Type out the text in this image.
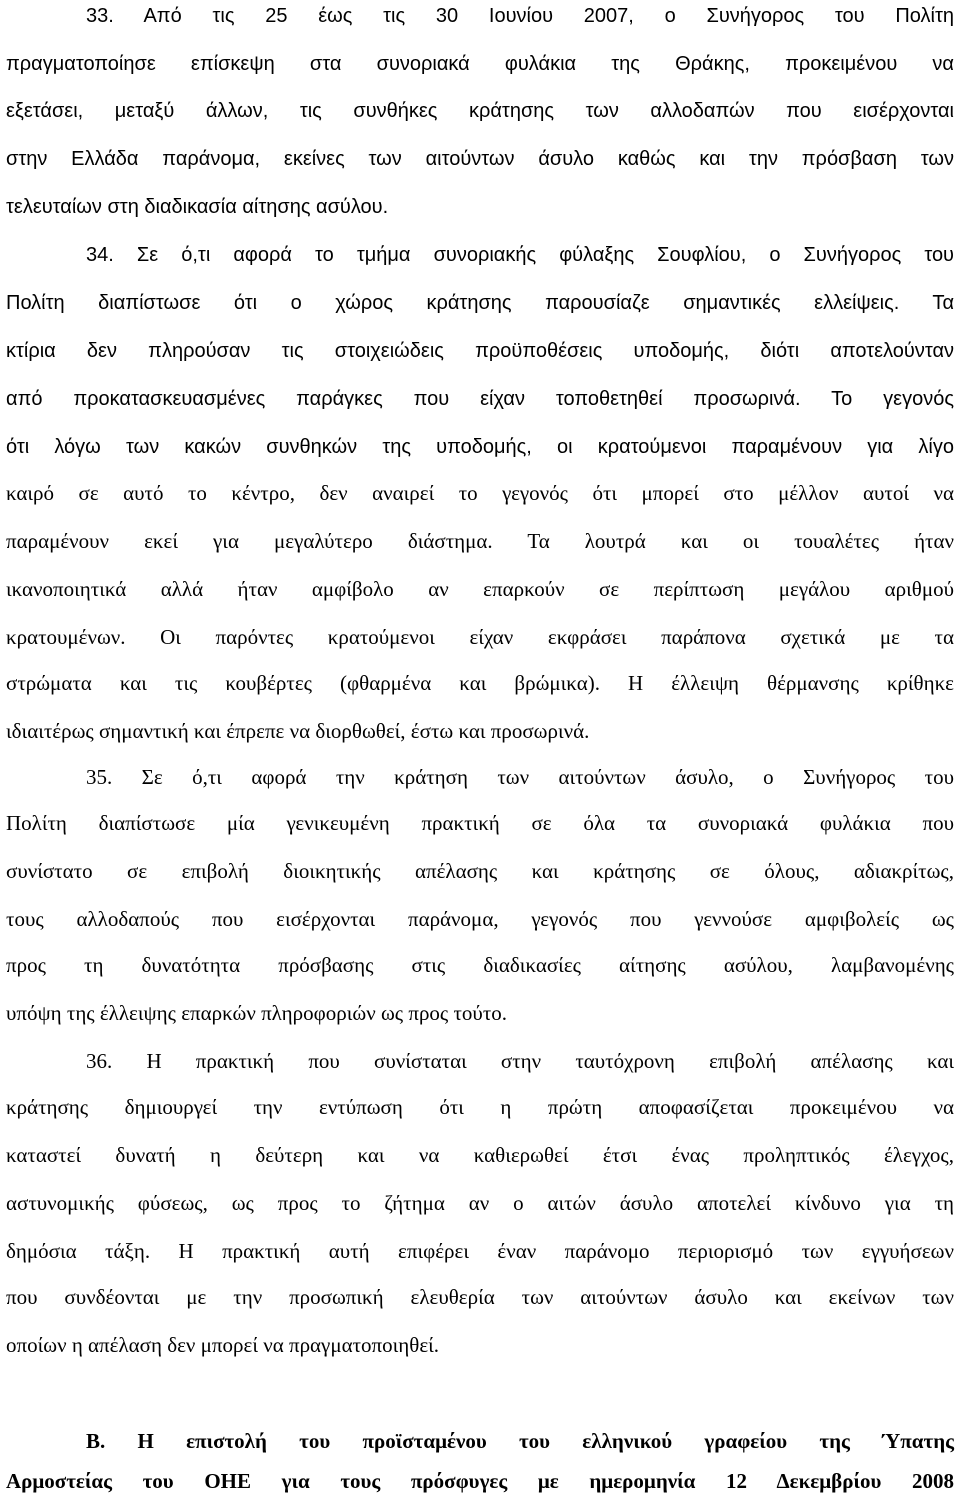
33. Από τις 25 έως τις 30 Ιουνίου 2007, ο Συνήγορος του Πολίτη
πραγματοποίησε επίσκεψη στα συνοριακά φυλάκια της Θράκης, προκειμένου να
εξετάσει, μεταξύ άλλων, τις συνθήκες κράτησης των αλλοδαπών που εισέρχονται
στην Ελλάδα παράνομα, εκείνες των αιτούντων άσυλο καθώς και την πρόσβαση των
τελευταίων στη διαδικασία αίτησης ασύλου.
34. Σε ό,τι αφορά το τμήμα συνοριακής φύλαξης Σουφλίου, ο Συνήγορος του
Πολίτη διαπίστωσε ότι ο χώρος κράτησης παρουσίαζε σημαντικές ελλείψεις. Τα
κτίρια δεν πληρούσαν τις στοιχειώδεις προϋποθέσεις υποδομής, διότι αποτελούνταν
από προκατασκευασμένες παράγκες που είχαν τοποθετηθεί προσωρινά. Το γεγονός
ότι λόγω των κακών συνθηκών της υποδομής, οι κρατούμενοι παραμένουν για λίγο
καιρό σε αυτό το κέντρο, δεν αναιρεί το γεγονός ότι μπορεί στο μέλλον αυτοί να
παραμένουν εκεί για μεγαλύτερο διάστημα. Τα λουτρά και οι τουαλέτες ήταν
ικανοποιητικά αλλά ήταν αμφίβολο αν επαρκούν σε περίπτωση μεγάλου αριθμού
κρατουμένων. Οι παρόντες κρατούμενοι είχαν εκφράσει παράπονα σχετικά με τα
στρώματα και τις κουβέρτες (φθαρμένα και βρώμικα). Η έλλειψη θέρμανσης κρίθηκε
ιδιαιτέρως σημαντική και έπρεπε να διορθωθεί, έστω και προσωρινά.
35. Σε ό,τι αφορά την κράτηση των αιτούντων άσυλο, ο Συνήγορος του
Πολίτη διαπίστωσε μία γενικευμένη πρακτική σε όλα τα συνοριακά φυλάκια που
συνίστατο σε επιβολή διοικητικής απέλασης και κράτησης σε όλους, αδιακρίτως,
τους αλλοδαπούς που εισέρχονται παράνομα, γεγονός που γεννούσε αμφιβολείς ως
προς τη δυνατότητα πρόσβασης στις διαδικασίες αίτησης ασύλου, λαμβανομένης
υπόψη της έλλειψης επαρκών πληροφοριών ως προς τούτο.
36. Η πρακτική που συνίσταται στην ταυτόχρονη επιβολή απέλασης και
κράτησης δημιουργεί την εντύπωση ότι η πρώτη αποφασίζεται προκειμένου να
καταστεί δυνατή η δεύτερη και να καθιερωθεί έτσι ένας προληπτικός έλεγχος,
αστυνομικής φύσεως, ως προς το ζήτημα αν ο αιτών άσυλο αποτελεί κίνδυνο για τη
δημόσια τάξη. Η πρακτική αυτή επιφέρει έναν παράνομο περιορισμό των εγγυήσεων
που συνδέονται με την προσωπική ελευθερία των αιτούντων άσυλο και εκείνων των
οποίων η απέλαση δεν μπορεί να πραγματοποιηθεί.
Β. Η επιστολή του προϊσταμένου του ελληνικού γραφείου της Ύπατης
Αρμοστείας του ΟΗΕ για τους πρόσφυγες με ημερομηνία 12 Δεκεμβρίου 2008
